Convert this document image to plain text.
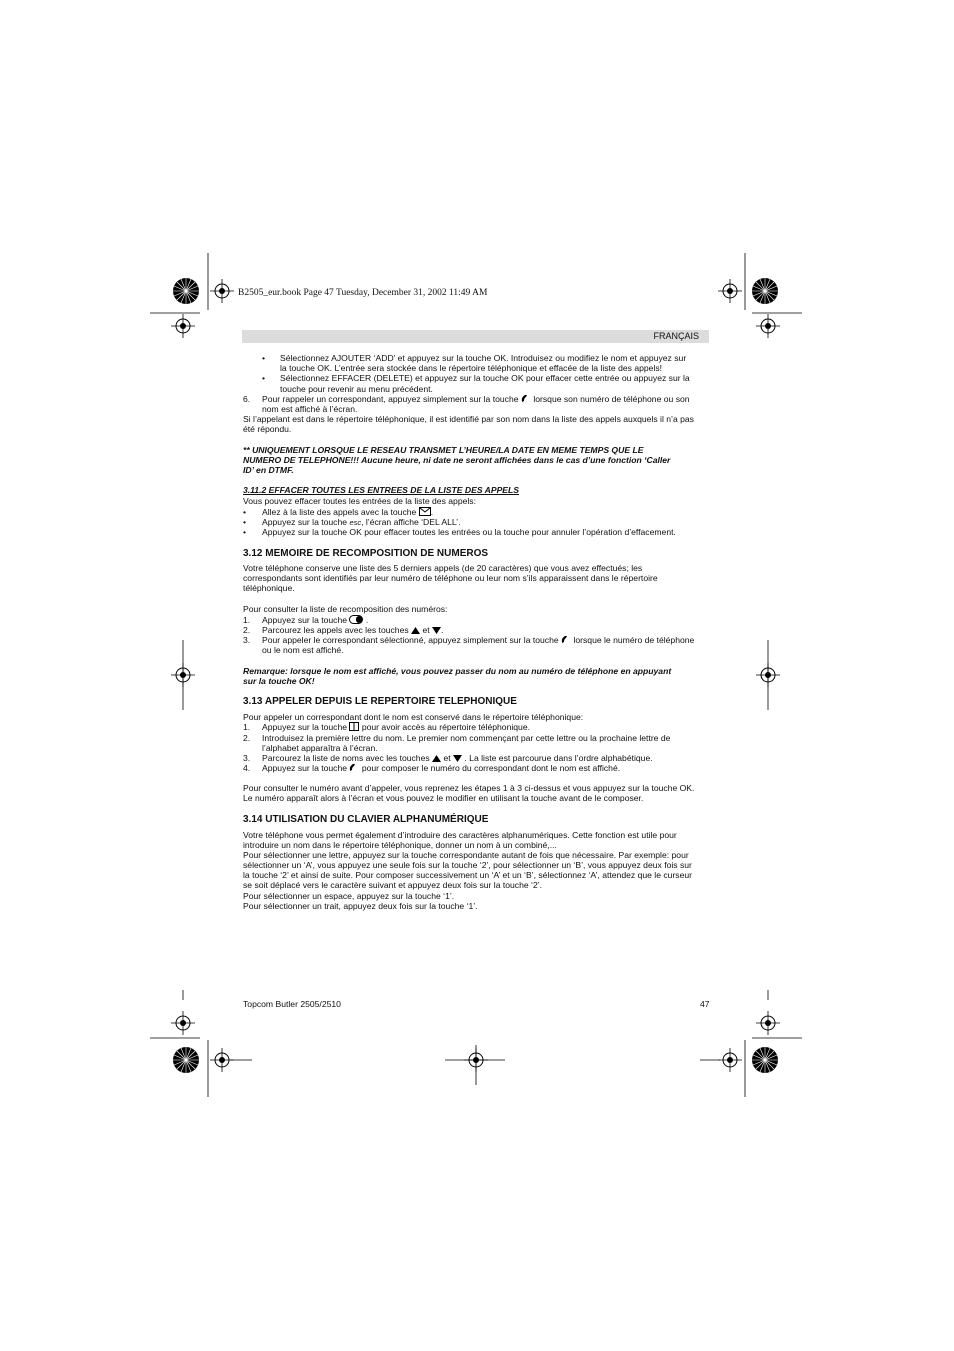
B2505_eur.book Page 47 Tuesday, December 31, 2002 11:49 AM
FRANÇAIS
• Sélectionnez AJOUTER ‘ADD’ et appuyez sur la touche OK. Introduisez ou modifiez le nom et appuyez sur
la touche OK. L’entrée sera stockée dans le répertoire téléphonique et effacée de la liste des appels!
• Sélectionnez EFFACER (DELETE) et appuyez sur la touche OK pour effacer cette entrée ou appuyez sur la
touche pour revenir au menu précédent.
6. Pour rappeler un correspondant, appuyez simplement sur la touche lorsque son numéro de téléphone ou son
nom est affiché à l’écran.
Si l’appelant est dans le répertoire téléphonique, il est identifié par son nom dans la liste des appels auxquels il n’a pas
été répondu.
** UNIQUEMENT LORSQUE LE RESEAU TRANSMET L’HEURE/LA DATE EN MEME TEMPS QUE LE
NUMERO DE TELEPHONE!!! Aucune heure, ni date ne seront affichées dans le cas d’une fonction ‘Caller
ID’ en DTMF.
3.11.2 EFFACER TOUTES LES ENTREES DE LA LISTE DES APPELS
Vous pouvez effacer toutes les entrées de la liste des appels:
• Allez à la liste des appels avec la touche .
• Appuyez sur la touche esc, l’écran affiche ‘DEL ALL’.
• Appuyez sur la touche OK pour effacer toutes les entrées ou la touche pour annuler l’opération d’effacement.
3.12 MEMOIRE DE RECOMPOSITION DE NUMEROS
Votre téléphone conserve une liste des 5 derniers appels (de 20 caractères) que vous avez effectués; les
correspondants sont identifiés par leur numéro de téléphone ou leur nom s’ils apparaissent dans le répertoire
téléphonique.
Pour consulter la liste de recomposition des numéros:
1. Appuyez sur la touche  .
2. Parcourez les appels avec les touches et .
3. Pour appeler le correspondant sélectionné, appuyez simplement sur la touche lorsque le numéro de téléphone
ou le nom est affiché.
Remarque: lorsque le nom est affiché, vous pouvez passer du nom au numéro de téléphone en appuyant
sur la touche OK!
3.13 APPELER DEPUIS LE REPERTOIRE TELEPHONIQUE
Pour appeler un correspondant dont le nom est conservé dans le répertoire téléphonique:
1. Appuyez sur la touche pour avoir accès au répertoire téléphonique.
2. Introduisez la première lettre du nom. Le premier nom commençant par cette lettre ou la prochaine lettre de
l’alphabet apparaîtra à l’écran.
3. Parcourez la liste de noms avec les touches et . La liste est parcourue dans l’ordre alphabétique.
4. Appuyez sur la touche pour composer le numéro du correspondant dont le nom est affiché.
Pour consulter le numéro avant d’appeler, vous reprenez les étapes 1 à 3 ci-dessus et vous appuyez sur la touche OK.
Le numéro apparaît alors à l’écran et vous pouvez le modifier en utilisant la touche avant de le composer.
3.14 UTILISATION DU CLAVIER ALPHANUMÉRIQUE
Votre téléphone vous permet également d’introduire des caractères alphanumériques. Cette fonction est utile pour
introduire un nom dans le répertoire téléphonique, donner un nom à un combiné,...
Pour sélectionner une lettre, appuyez sur la touche correspondante autant de fois que nécessaire. Par exemple: pour
sélectionner un ‘A’, vous appuyez une seule fois sur la touche ‘2’, pour sélectionner un ‘B’, vous appuyez deux fois sur
la touche ‘2’ et ainsi de suite. Pour composer successivement un ‘A’ et un ‘B’, sélectionnez ‘A’, attendez que le curseur
se soit déplacé vers le caractère suivant et appuyez deux fois sur la touche ‘2’.
Pour sélectionner un espace, appuyez sur la touche ‘1’.
Pour sélectionner un trait, appuyez deux fois sur la touche ‘1’.
Topcom Butler 2505/2510	47
